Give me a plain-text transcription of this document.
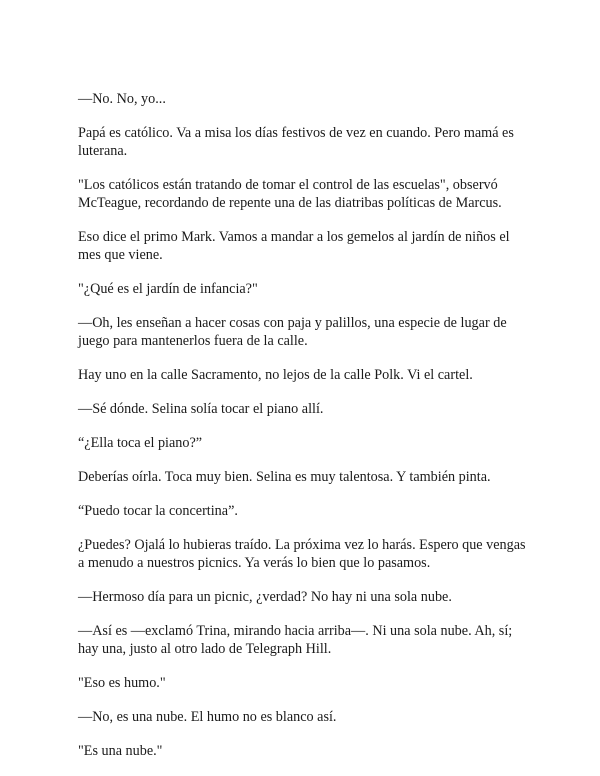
—No. No, yo...

Papá es católico. Va a misa los días festivos de vez en cuando. Pero mamá es luterana.

"Los católicos están tratando de tomar el control de las escuelas", observó McTeague, recordando de repente una de las diatribas políticas de Marcus.

Eso dice el primo Mark. Vamos a mandar a los gemelos al jardín de niños el mes que viene.

"¿Qué es el jardín de infancia?"

—Oh, les enseñan a hacer cosas con paja y palillos, una especie de lugar de juego para mantenerlos fuera de la calle.

Hay uno en la calle Sacramento, no lejos de la calle Polk. Vi el cartel.

—Sé dónde. Selina solía tocar el piano allí.

“¿Ella toca el piano?”

Deberías oírla. Toca muy bien. Selina es muy talentosa. Y también pinta.

“Puedo tocar la concertina”.

¿Puedes? Ojalá lo hubieras traído. La próxima vez lo harás. Espero que vengas a menudo a nuestros picnics. Ya verás lo bien que lo pasamos.

—Hermoso día para un picnic, ¿verdad? No hay ni una sola nube.

—Así es —exclamó Trina, mirando hacia arriba—. Ni una sola nube. Ah, sí; hay una, justo al otro lado de Telegraph Hill.

"Eso es humo."

—No, es una nube. El humo no es blanco así.

"Es una nube."
